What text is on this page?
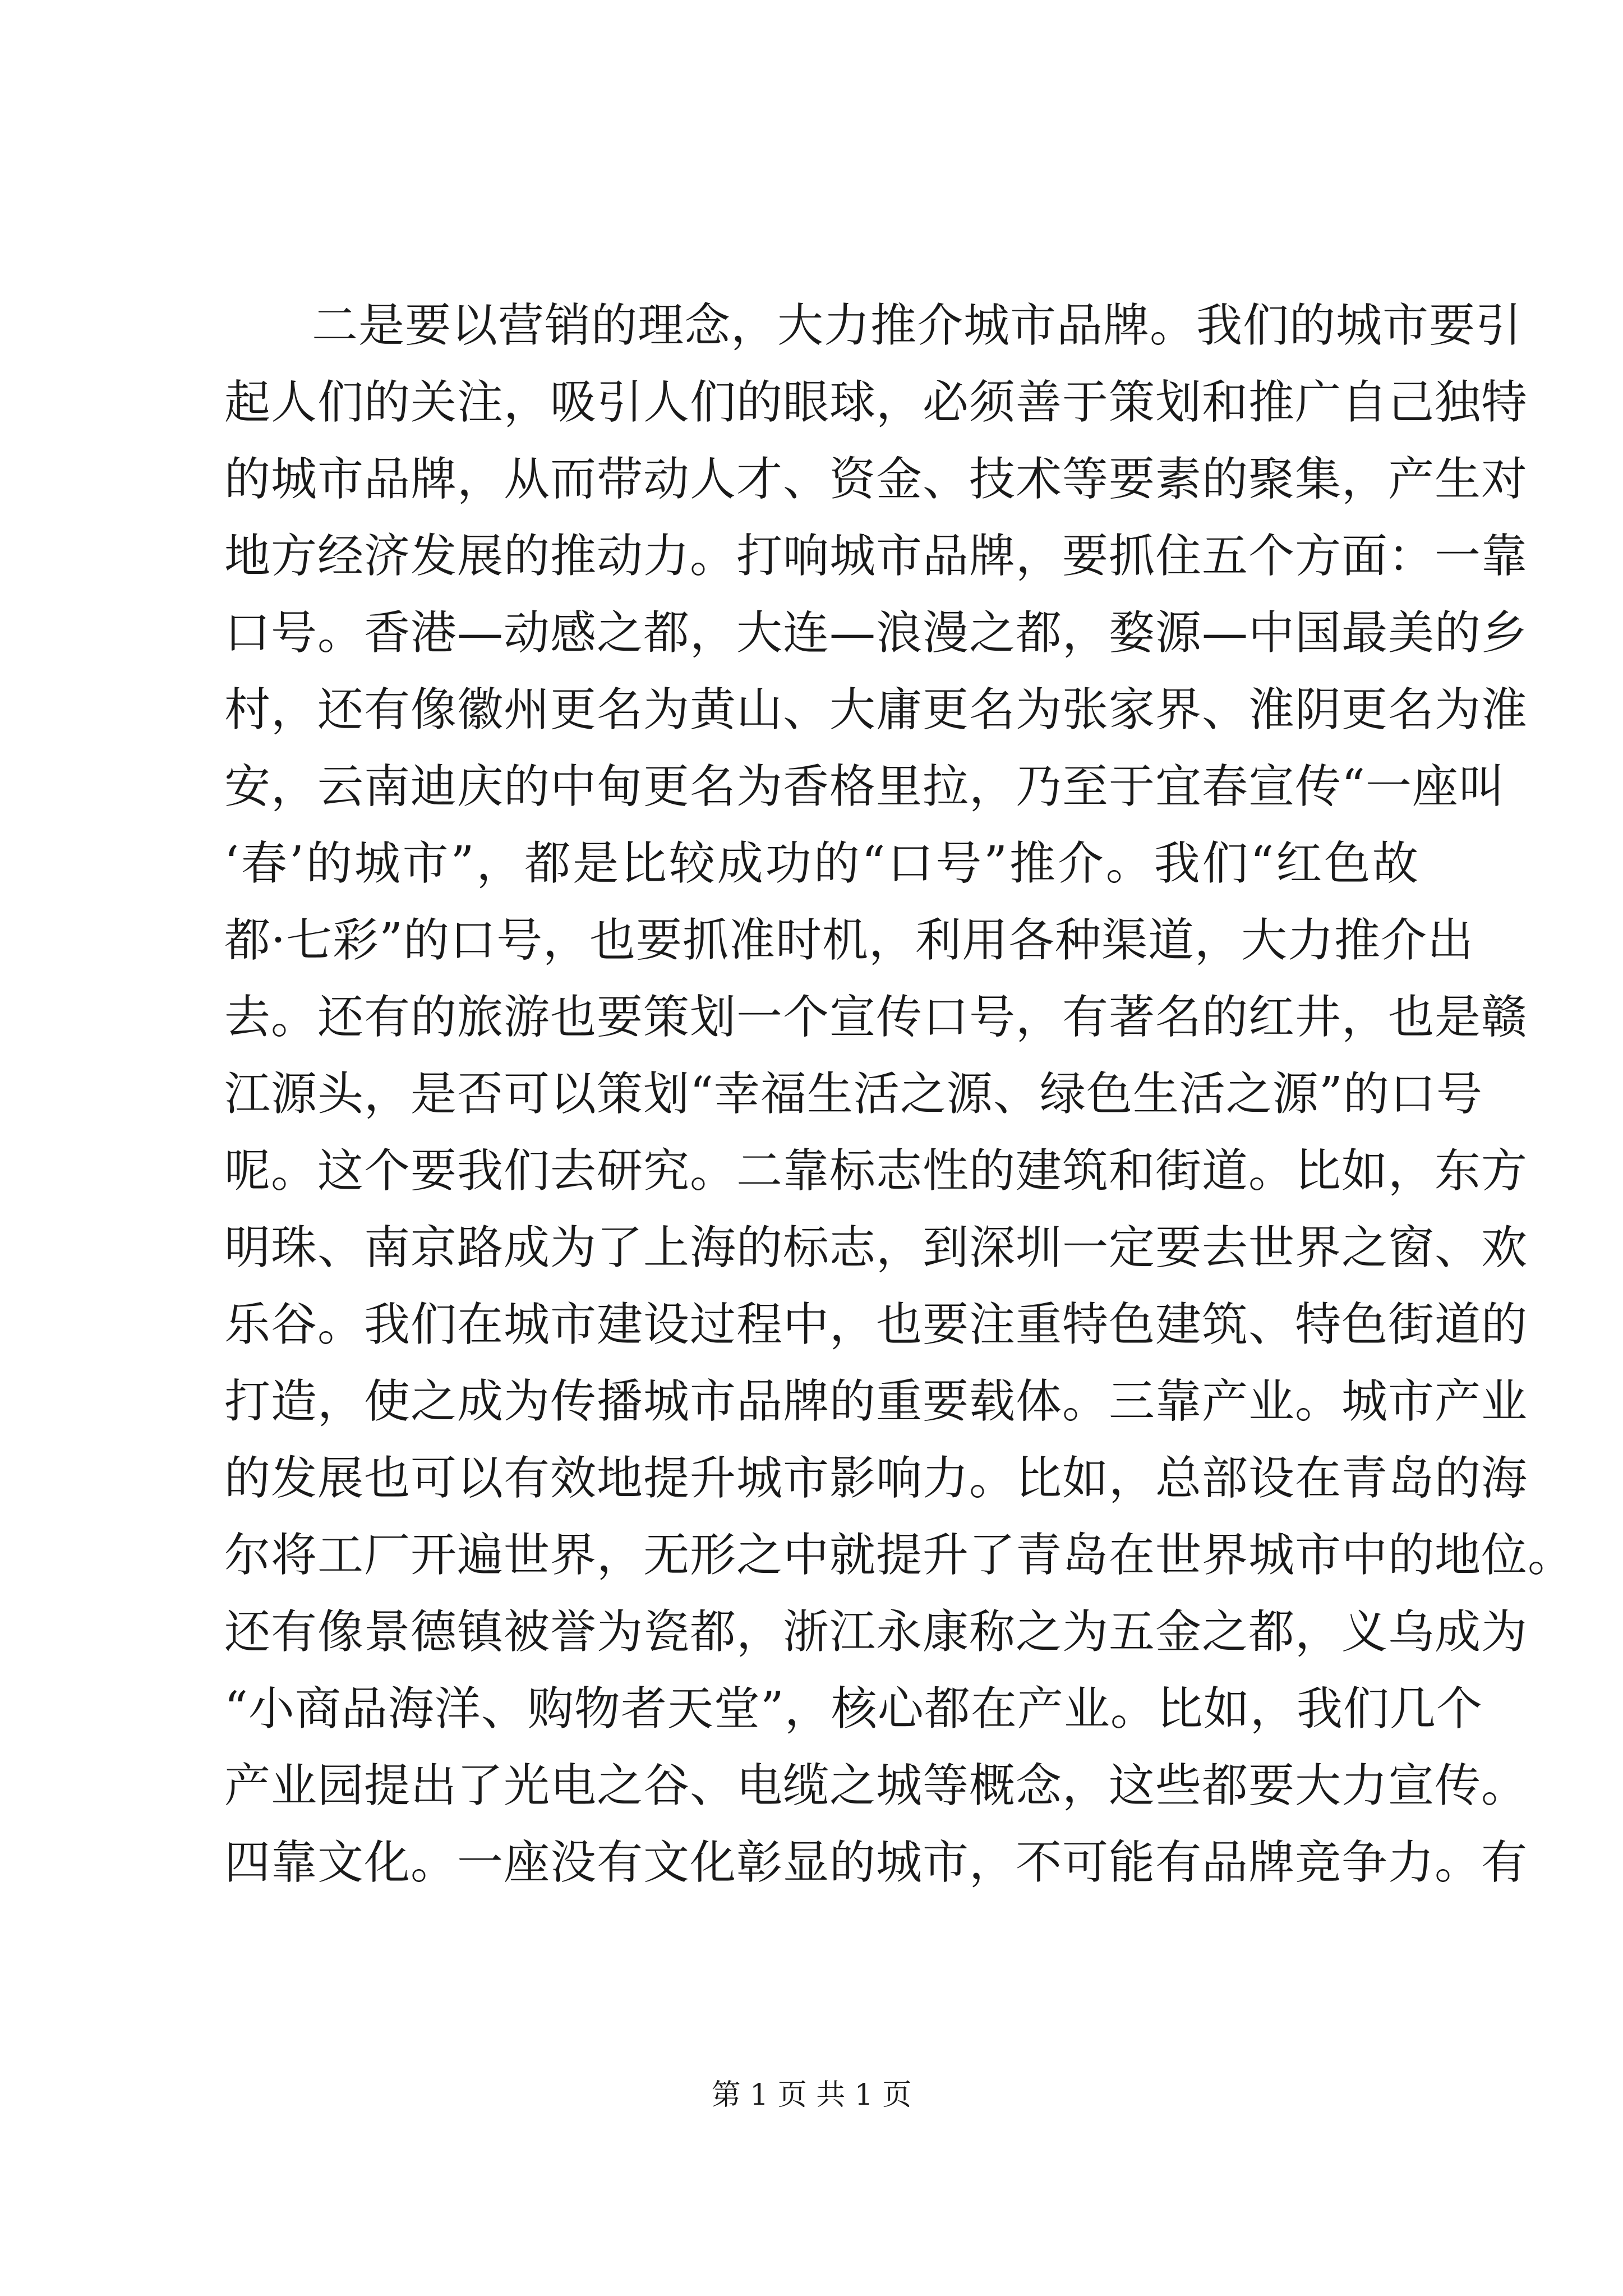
二是要以营销的理念，大力推介城市品牌。我们的城市要引
起人们的关注，吸引人们的眼球，必须善于策划和推广自己独特
的城市品牌，从而带动人才、资金、技术等要素的聚集，产生对
地方经济发展的推动力。打响城市品牌，要抓住五个方面：一靠
口号。香港—动感之都，大连—浪漫之都，婺源—中国最美的乡
村，还有像徽州更名为黄山、大庸更名为张家界、淮阴更名为淮
安，云南迪庆的中甸更名为香格里拉，乃至于宜春宣传“一座叫
‘春’的城市”，都是比较成功的“口号”推介。我们“红色故
都·七彩”的口号，也要抓准时机，利用各种渠道，大力推介出
去。还有的旅游也要策划一个宣传口号，有著名的红井，也是赣
江源头，是否可以策划“幸福生活之源、绿色生活之源”的口号
呢。这个要我们去研究。二靠标志性的建筑和街道。比如，东方
明珠、南京路成为了上海的标志，到深圳一定要去世界之窗、欢
乐谷。我们在城市建设过程中，也要注重特色建筑、特色街道的
打造，使之成为传播城市品牌的重要载体。三靠产业。城市产业
的发展也可以有效地提升城市影响力。比如，总部设在青岛的海
尔将工厂开遍世界，无形之中就提升了青岛在世界城市中的地位。
还有像景德镇被誉为瓷都，浙江永康称之为五金之都，义乌成为
“小商品海洋、购物者天堂”，核心都在产业。比如，我们几个
产业园提出了光电之谷、电缆之城等概念，这些都要大力宣传。
四靠文化。一座没有文化彰显的城市，不可能有品牌竞争力。有
第 1 页 共 1 页
